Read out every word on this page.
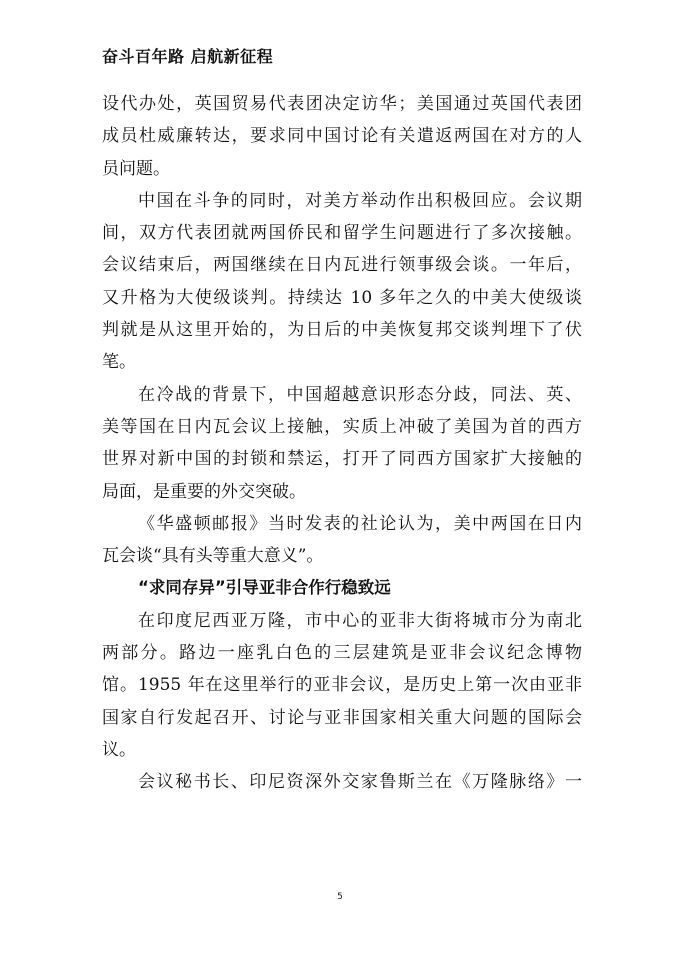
奋斗百年路 启航新征程
设代办处，英国贸易代表团决定访华；美国通过英国代表团
成员杜威廉转达，要求同中国讨论有关遣返两国在对方的人
员问题。
中国在斗争的同时，对美方举动作出积极回应。会议期
间，双方代表团就两国侨民和留学生问题进行了多次接触。
会议结束后，两国继续在日内瓦进行领事级会谈。一年后，
又升格为大使级谈判。持续达 10 多年之久的中美大使级谈
判就是从这里开始的，为日后的中美恢复邦交谈判埋下了伏
笔。
在冷战的背景下，中国超越意识形态分歧，同法、英、
美等国在日内瓦会议上接触，实质上冲破了美国为首的西方
世界对新中国的封锁和禁运，打开了同西方国家扩大接触的
局面，是重要的外交突破。
《华盛顿邮报》当时发表的社论认为，美中两国在日内
瓦会谈“具有头等重大意义”。
“求同存异”引导亚非合作行稳致远
在印度尼西亚万隆，市中心的亚非大街将城市分为南北
两部分。路边一座乳白色的三层建筑是亚非会议纪念博物
馆。1955 年在这里举行的亚非会议，是历史上第一次由亚非
国家自行发起召开、讨论与亚非国家相关重大问题的国际会
议。
会议秘书长、印尼资深外交家鲁斯兰在《万隆脉络》一
5
